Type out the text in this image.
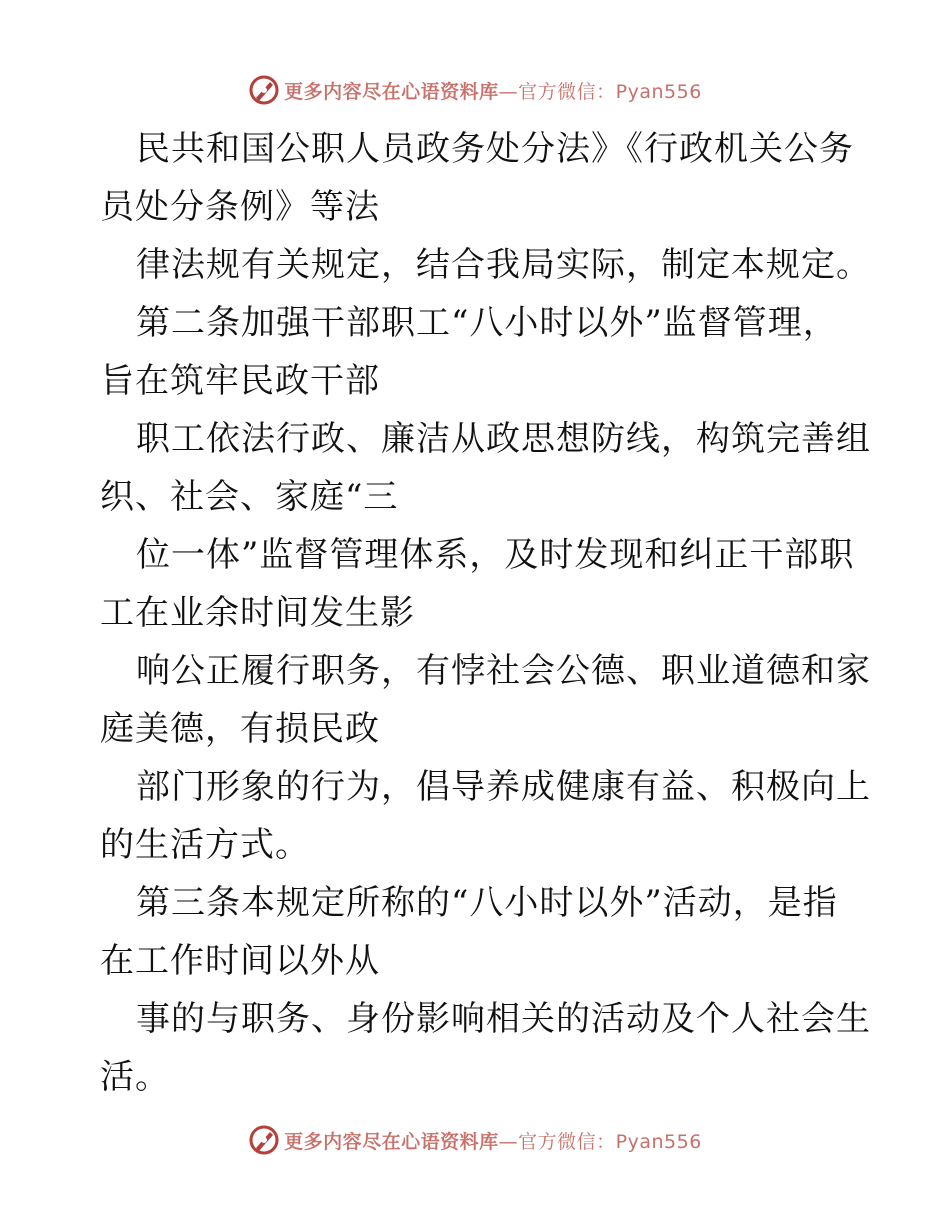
更多内容尽在心语资料库—官方微信：Pyan556
民共和国公职人员政务处分法》《行政机关公务
员处分条例》等法
律法规有关规定，结合我局实际，制定本规定。
第二条加强干部职工“八小时以外”监督管理，
旨在筑牢民政干部
职工依法行政、廉洁从政思想防线，构筑完善组
织、社会、家庭“三
位一体”监督管理体系，及时发现和纠正干部职
工在业余时间发生影
响公正履行职务，有悖社会公德、职业道德和家
庭美德，有损民政
部门形象的行为，倡导养成健康有益、积极向上
的生活方式。
第三条本规定所称的“八小时以外”活动，是指
在工作时间以外从
事的与职务、身份影响相关的活动及个人社会生
活。
更多内容尽在心语资料库—官方微信：Pyan556
